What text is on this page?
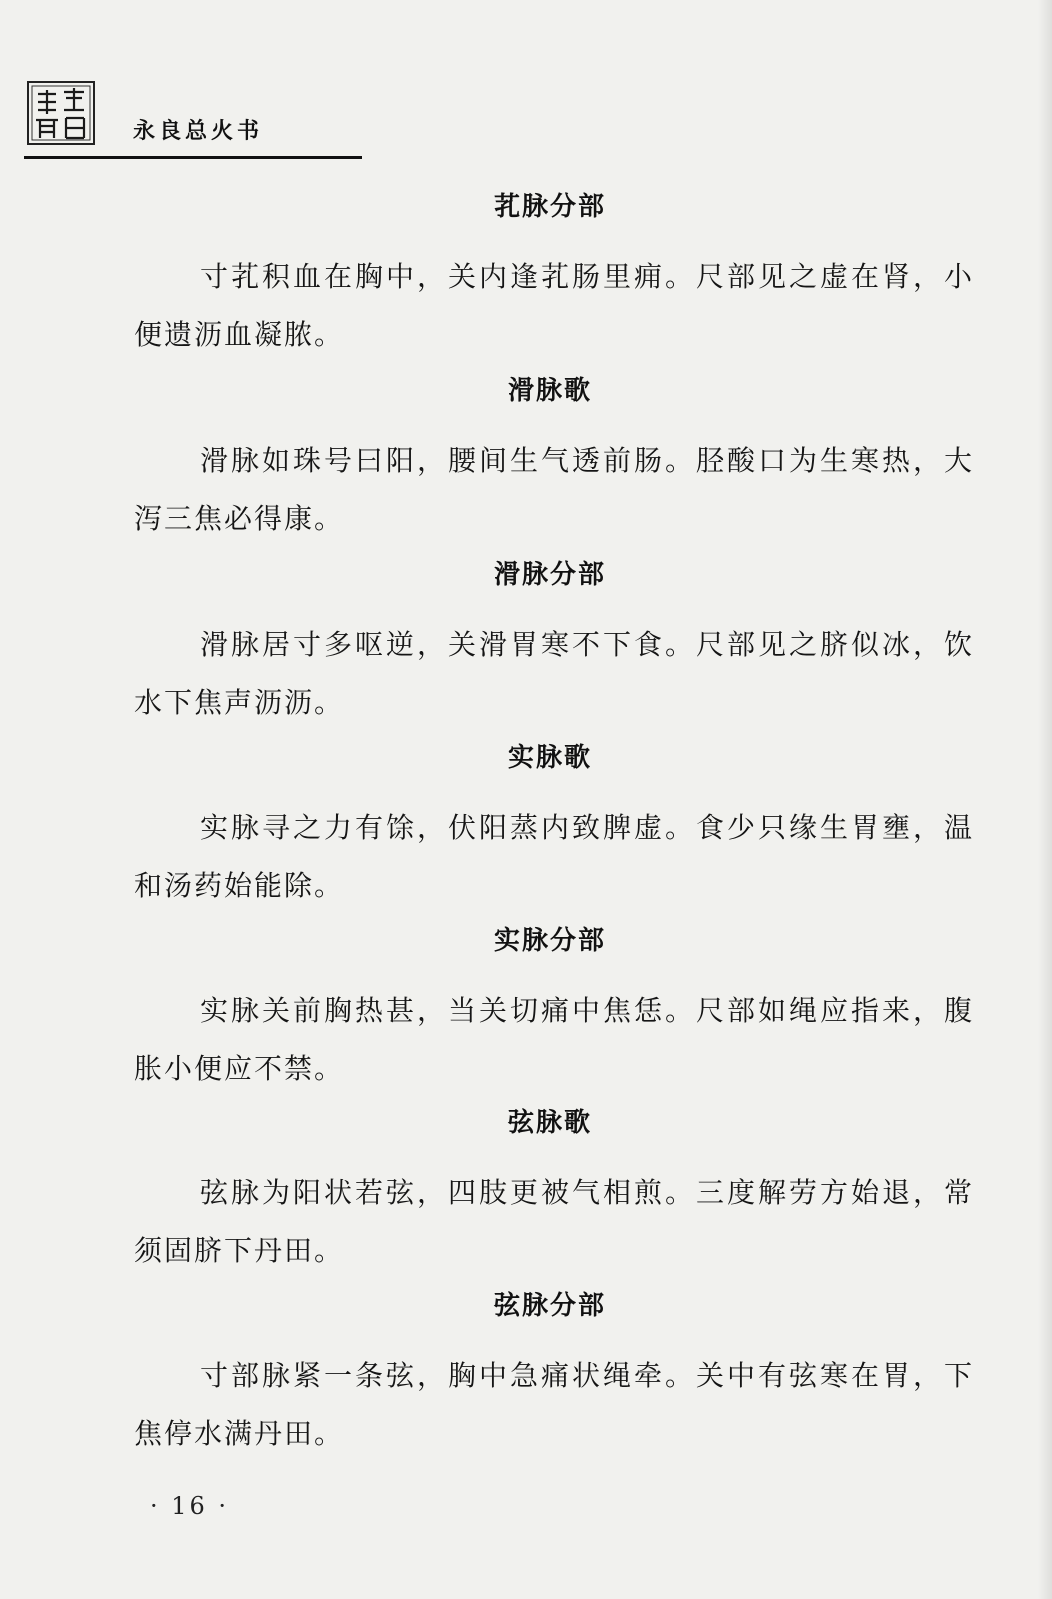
永良总火书
芤脉分部
寸芤积血在胸中，关内逢芤肠里痈。尺部见之虚在肾，小便遗沥血凝脓。
滑脉歌
滑脉如珠号曰阳，腰间生气透前肠。胫酸口为生寒热，大泻三焦必得康。
滑脉分部
滑脉居寸多呕逆，关滑胃寒不下食。尺部见之脐似冰，饮水下焦声沥沥。
实脉歌
实脉寻之力有馀，伏阳蒸内致脾虚。食少只缘生胃壅，温和汤药始能除。
实脉分部
实脉关前胸热甚，当关切痛中焦恁。尺部如绳应指来，腹胀小便应不禁。
弦脉歌
弦脉为阳状若弦，四肢更被气相煎。三度解劳方始退，常须固脐下丹田。
弦脉分部
寸部脉紧一条弦，胸中急痛状绳牵。关中有弦寒在胃，下焦停水满丹田。
· 16 ·
